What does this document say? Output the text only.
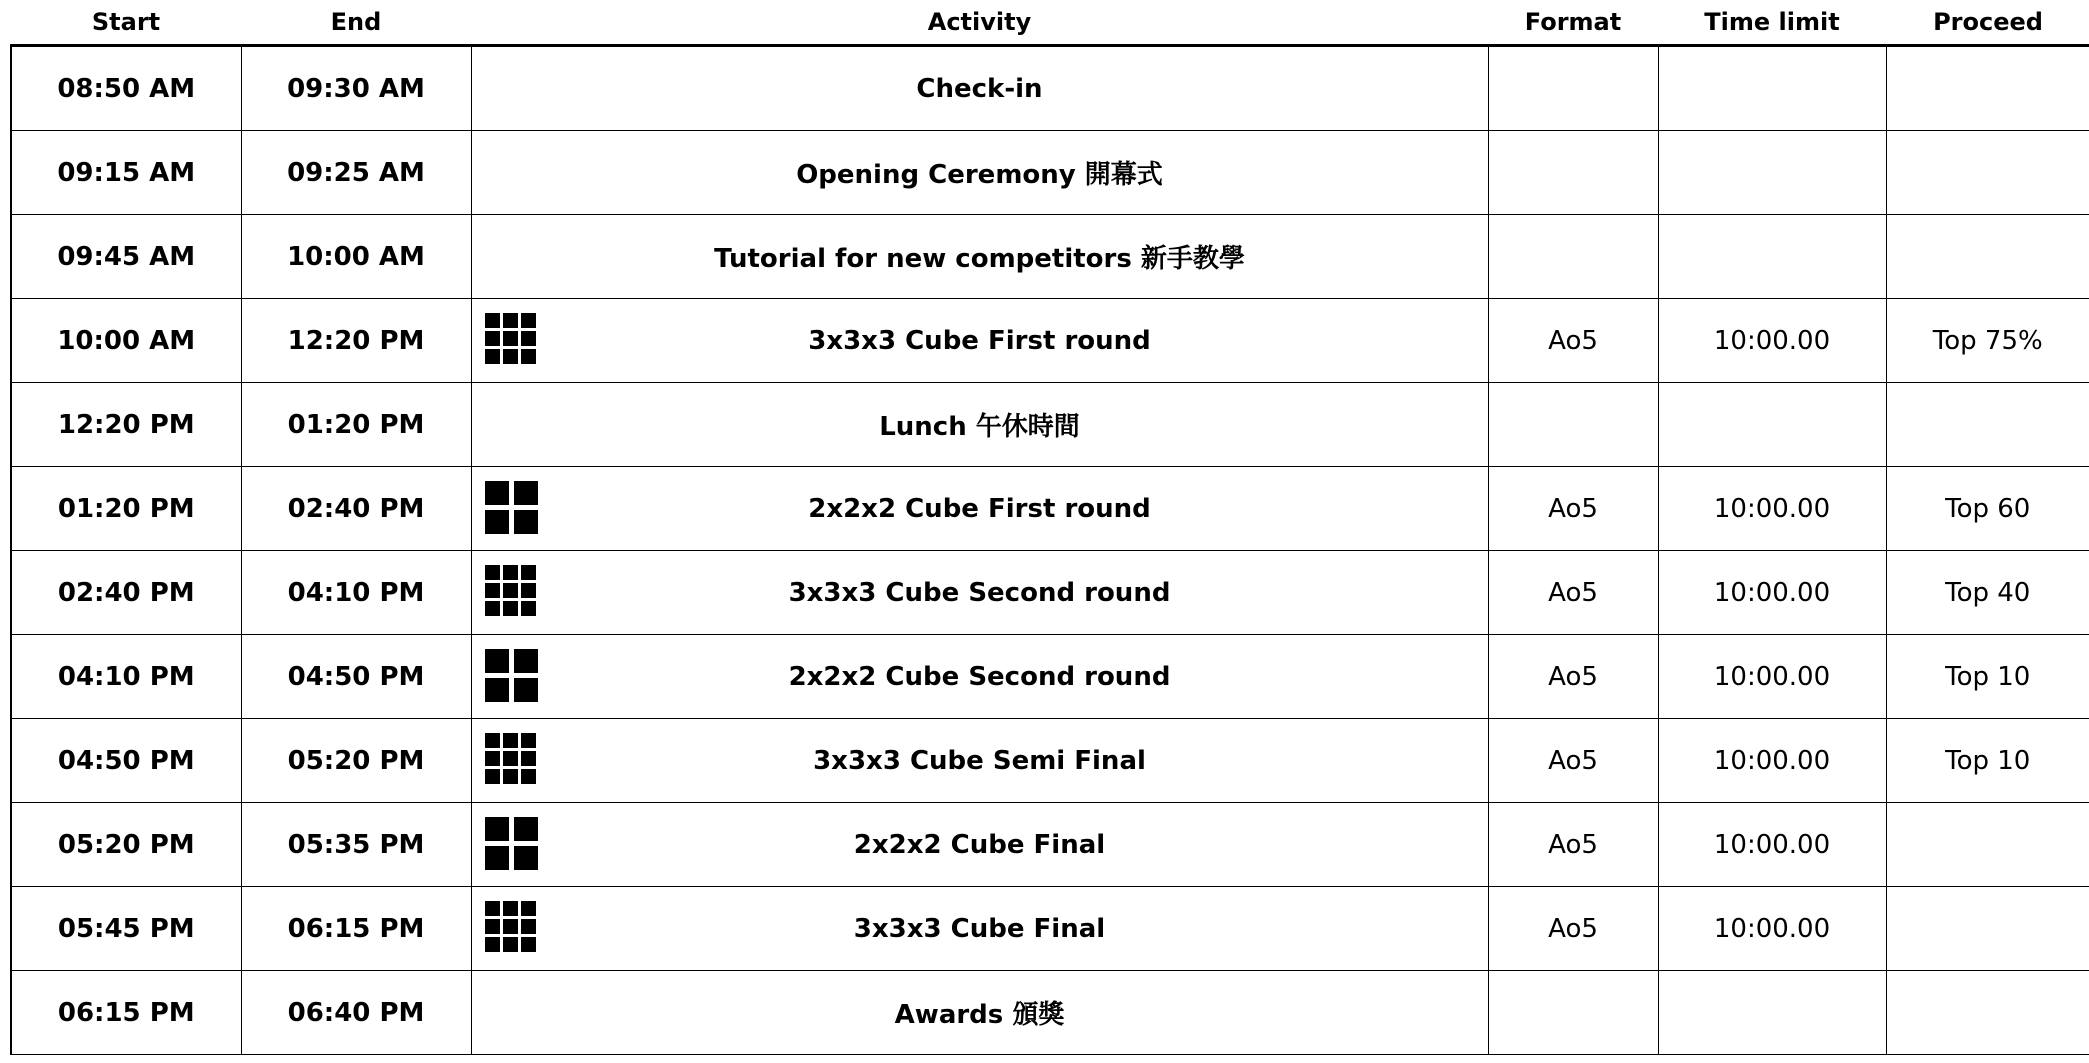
Start	End	Activity	Format	Time limit	Proceed
08:50 AM	09:30 AM	Check-in			
09:15 AM	09:25 AM	Opening Ceremony 開幕式			
09:45 AM	10:00 AM	Tutorial for new competitors 新手教學			
10:00 AM	12:20 PM	3x3x3 Cube First round	Ao5	10:00.00	Top 75%
12:20 PM	01:20 PM	Lunch 午休時間			
01:20 PM	02:40 PM	2x2x2 Cube First round	Ao5	10:00.00	Top 60
02:40 PM	04:10 PM	3x3x3 Cube Second round	Ao5	10:00.00	Top 40
04:10 PM	04:50 PM	2x2x2 Cube Second round	Ao5	10:00.00	Top 10
04:50 PM	05:20 PM	3x3x3 Cube Semi Final	Ao5	10:00.00	Top 10
05:20 PM	05:35 PM	2x2x2 Cube Final	Ao5	10:00.00	
05:45 PM	06:15 PM	3x3x3 Cube Final	Ao5	10:00.00	
06:15 PM	06:40 PM	Awards 頒獎			
